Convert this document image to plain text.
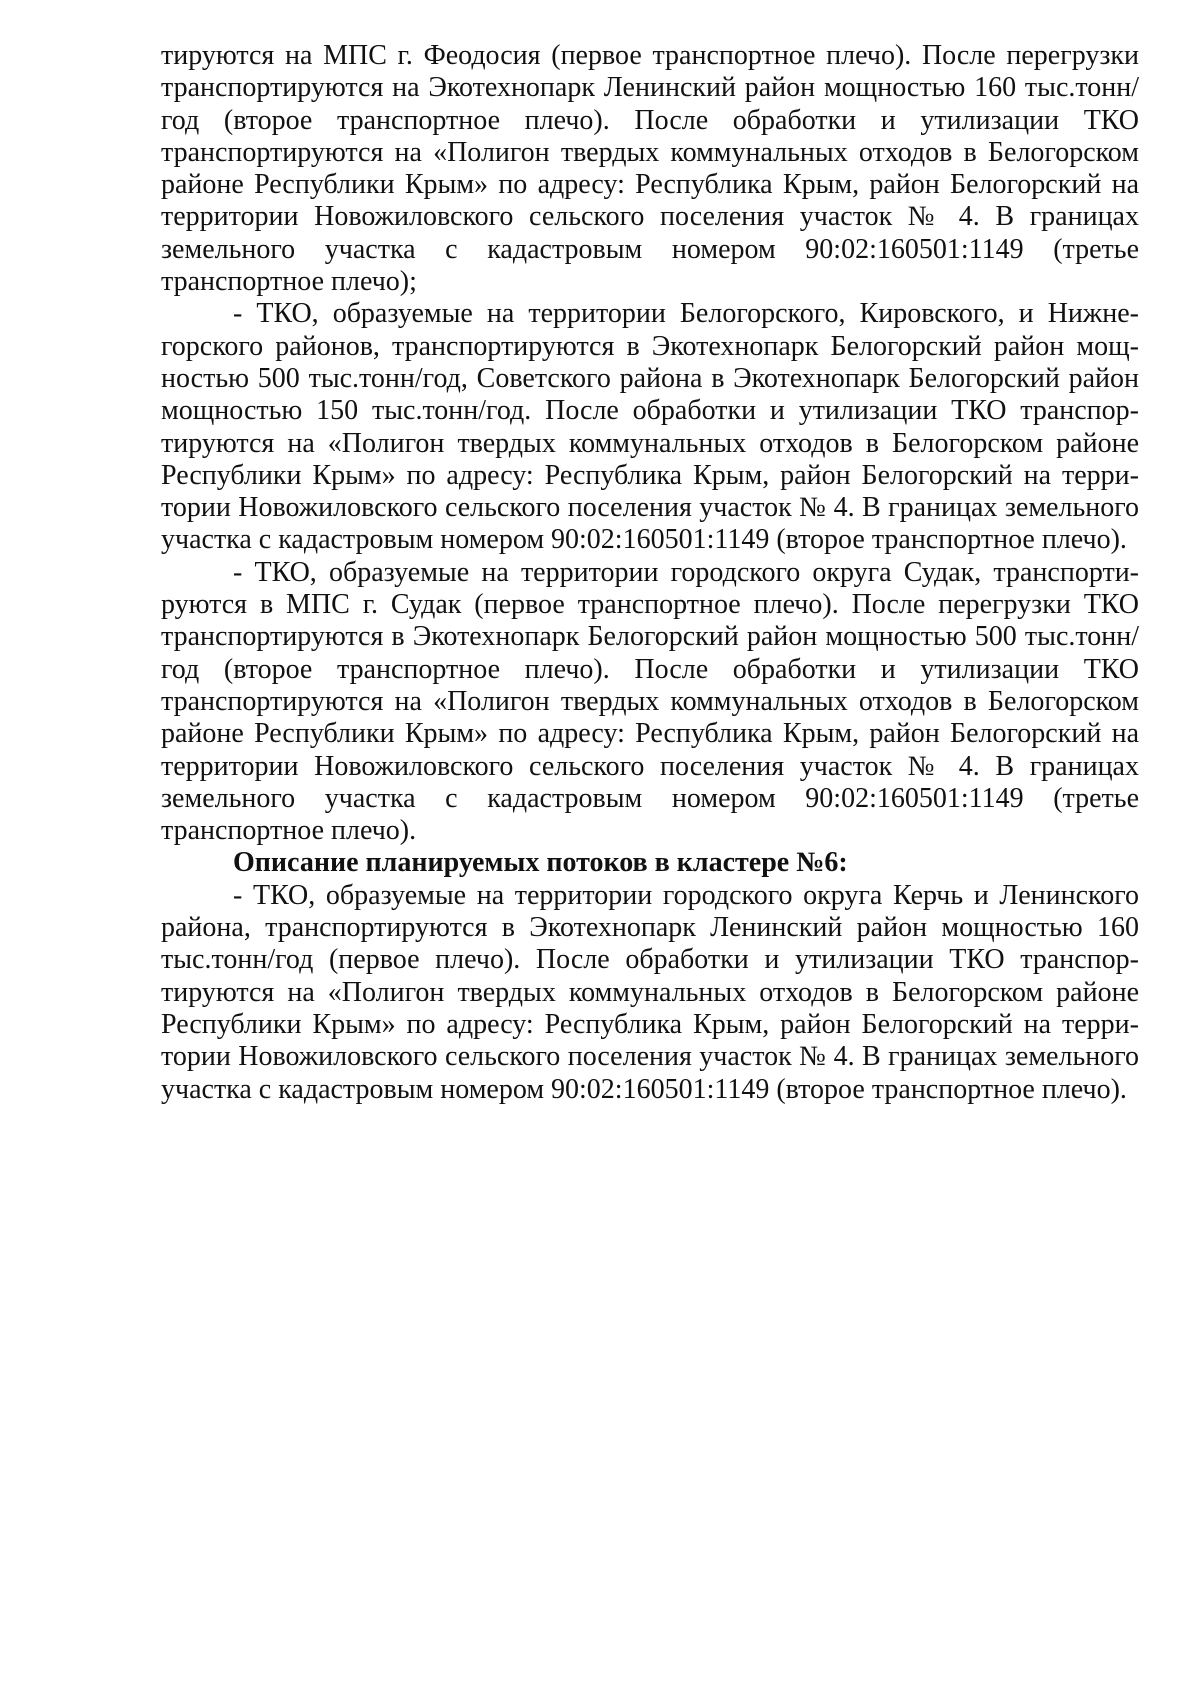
тируются на МПС г. Феодосия (первое транспортное плечо). После перегрузки транспортируются на Экотехнопарк Ленинский район мощностью 160 тыс.тонн/год (второе транспортное плечо). После обработки и утилизации ТКО транспортируются на «Полигон твердых коммунальных отходов в Белогорском районе Республики Крым» по адресу: Республика Крым, район Белогорский на территории Новожиловского сельского поселения участок № 4. В границах земельного участка с кадастровым номером 90:02:160501:1149 (третье транспортное плечо);

- ТКО, образуемые на территории Белогорского, Кировского, и Нижнегорского районов, транспортируются в Экотехнопарк Белогорский район мощностью 500 тыс.тонн/год, Советского района в Экотехнопарк Белогорский район мощностью 150 тыс.тонн/год. После обработки и утилизации ТКО транспортируются на «Полигон твердых коммунальных отходов в Белогорском районе Республики Крым» по адресу: Республика Крым, район Белогорский на территории Новожиловского сельского поселения участок № 4. В границах земельного участка с кадастровым номером 90:02:160501:1149 (второе транспортное плечо).

- ТКО, образуемые на территории городского округа Судак, транспортируются в МПС г. Судак (первое транспортное плечо). После перегрузки ТКО транспортируются в Экотехнопарк Белогорский район мощностью 500 тыс.тонн/год (второе транспортное плечо). После обработки и утилизации ТКО транспортируются на «Полигон твердых коммунальных отходов в Белогорском районе Республики Крым» по адресу: Республика Крым, район Белогорский на территории Новожиловского сельского поселения участок № 4. В границах земельного участка с кадастровым номером 90:02:160501:1149 (третье транспортное плечо).

Описание планируемых потоков в кластере №6:

- ТКО, образуемые на территории городского округа Керчь и Ленинского района, транспортируются в Экотехнопарк Ленинский район мощностью 160 тыс.тонн/год (первое плечо). После обработки и утилизации ТКО транспортируются на «Полигон твердых коммунальных отходов в Белогорском районе Республики Крым» по адресу: Республика Крым, район Белогорский на территории Новожиловского сельского поселения участок № 4. В границах земельного участка с кадастровым номером 90:02:160501:1149 (второе транспортное плечо).
